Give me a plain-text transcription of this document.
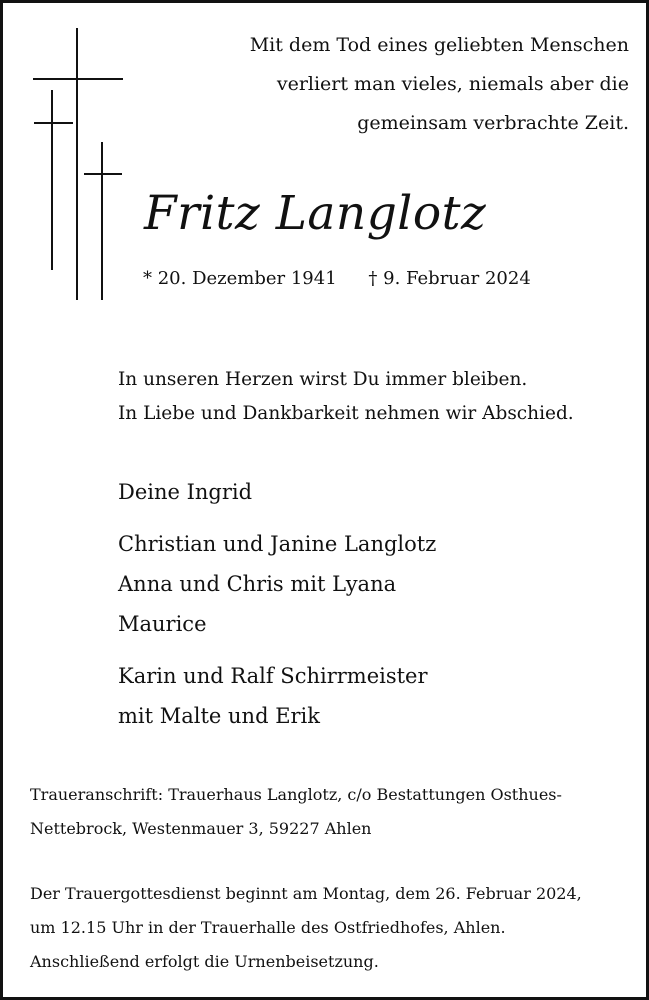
Mit dem Tod eines geliebten Menschen
verliert man vieles, niemals aber die
gemeinsam verbrachte Zeit.
Fritz Langlotz
* 20. Dezember 1941 † 9. Februar 2024
In unseren Herzen wirst Du immer bleiben.
In Liebe und Dankbarkeit nehmen wir Abschied.
Deine Ingrid
Christian und Janine Langlotz
Anna und Chris mit Lyana
Maurice
Karin und Ralf Schirrmeister
mit Malte und Erik
Traueranschrift: Trauerhaus Langlotz, c/o Bestattungen Osthues-
Nettebrock, Westenmauer 3, 59227 Ahlen
Der Trauergottesdienst beginnt am Montag, dem 26. Februar 2024,
um 12.15 Uhr in der Trauerhalle des Ostfriedhofes, Ahlen.
Anschließend erfolgt die Urnenbeisetzung.
